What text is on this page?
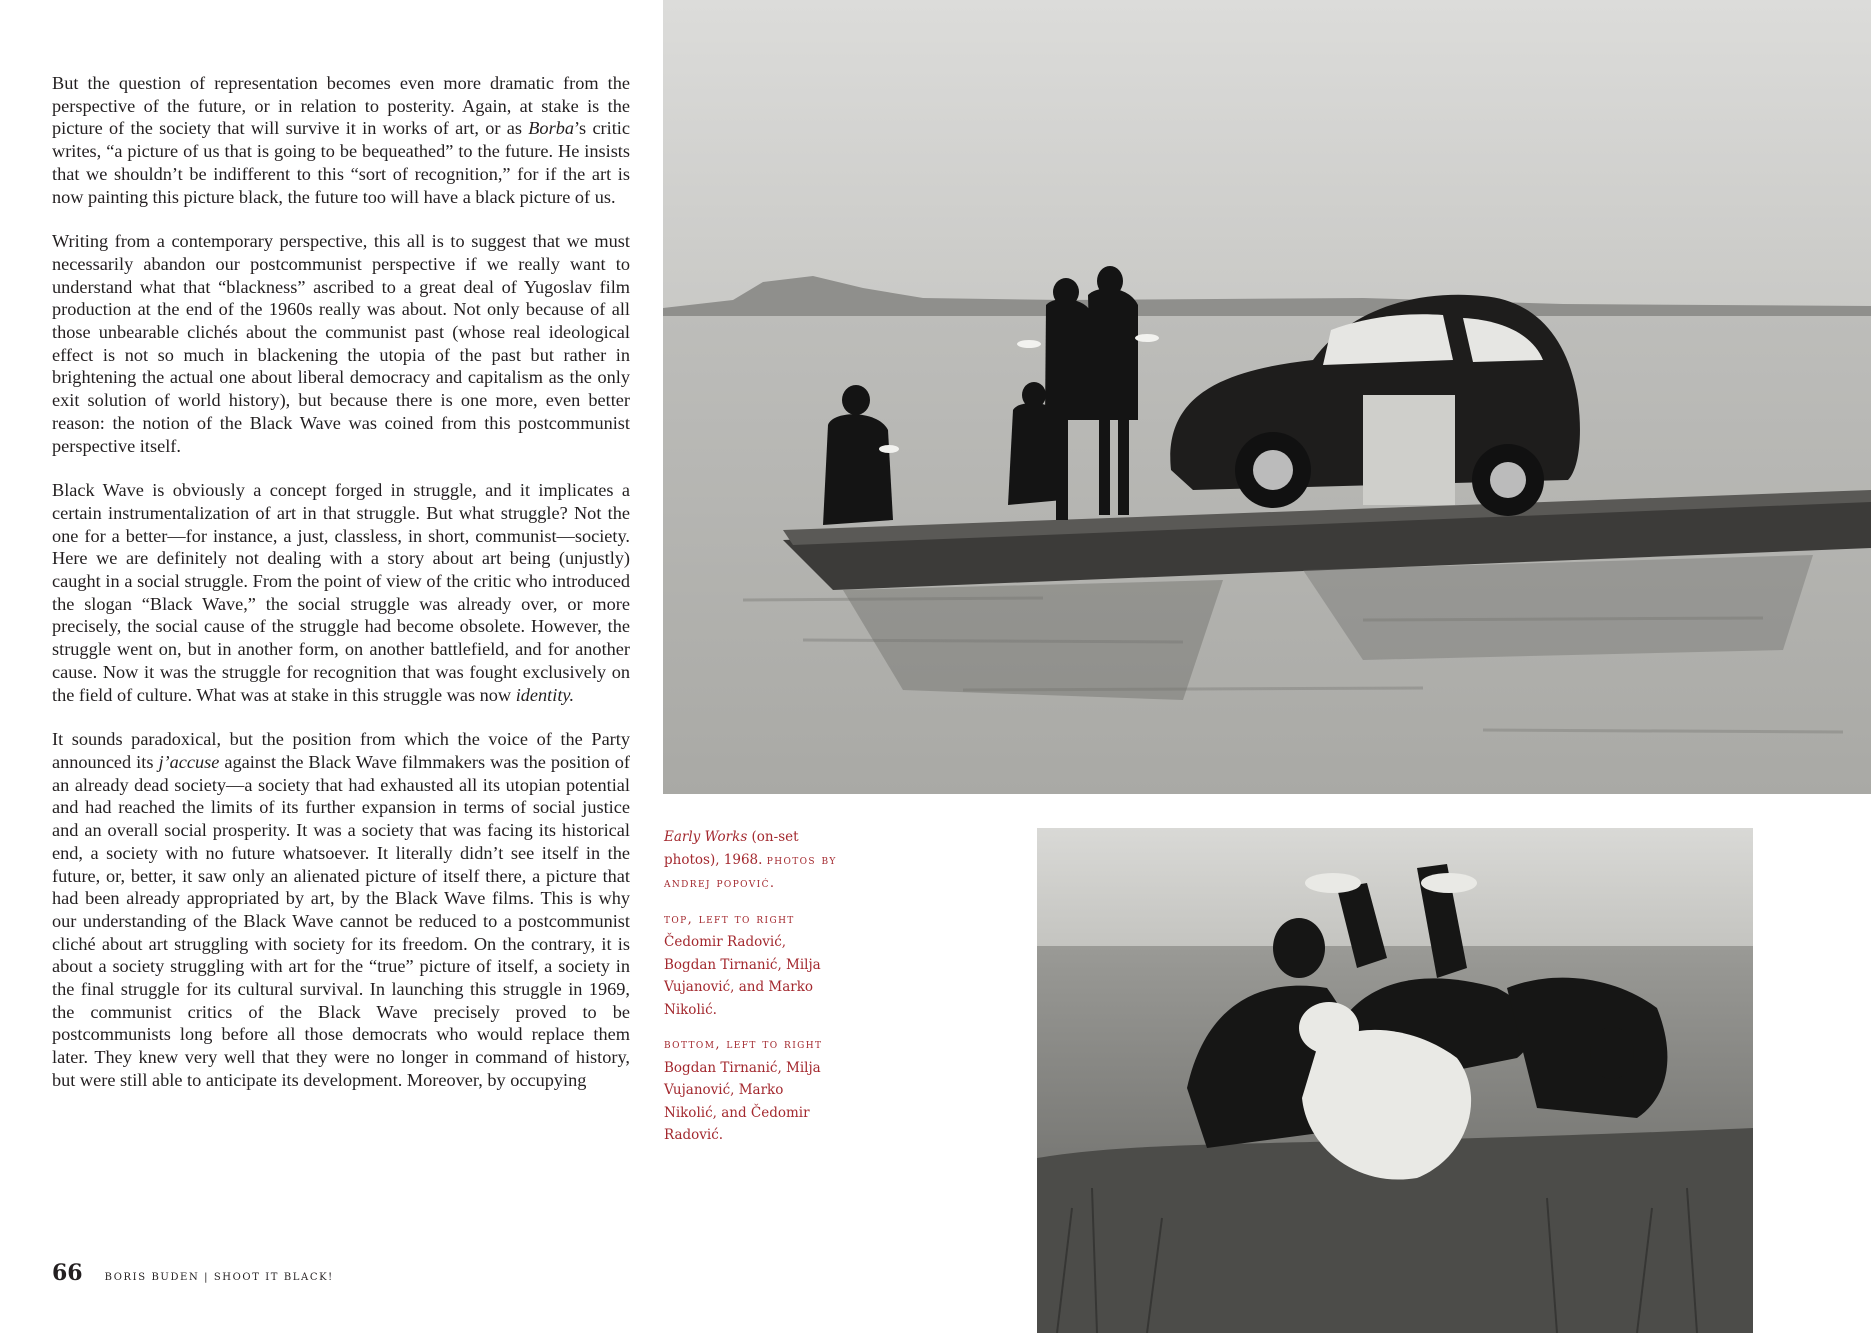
But the question of representation becomes even more dramatic from the perspective of the future, or in relation to posterity. Again, at stake is the picture of the society that will survive it in works of art, or as Borba’s critic writes, “a picture of us that is going to be bequeathed” to the future. He insists that we shouldn’t be indifferent to this “sort of recognition,” for if the art is now painting this picture black, the future too will have a black picture of us.

Writing from a contemporary perspective, this all is to suggest that we must necessarily abandon our postcommunist perspective if we really want to understand what that “blackness” ascribed to a great deal of Yugoslav film production at the end of the 1960s really was about. Not only because of all those unbearable clichés about the communist past (whose real ideological effect is not so much in blackening the utopia of the past but rather in brightening the actual one about liberal democracy and capitalism as the only exit solution of world history), but because there is one more, even better reason: the notion of the Black Wave was coined from this postcommunist perspective itself.

Black Wave is obviously a concept forged in struggle, and it implicates a certain instrumentalization of art in that struggle. But what struggle? Not the one for a better—for instance, a just, classless, in short, communist—society. Here we are definitely not dealing with a story about art being (unjustly) caught in a social struggle. From the point of view of the critic who introduced the slogan “Black Wave,” the social struggle was already over, or more precisely, the social cause of the struggle had become obsolete. However, the struggle went on, but in another form, on another battlefield, and for another cause. Now it was the struggle for recognition that was fought exclusively on the field of culture. What was at stake in this struggle was now identity.

It sounds paradoxical, but the position from which the voice of the Party announced its j’accuse against the Black Wave filmmakers was the position of an already dead society—a society that had exhausted all its utopian potential and had reached the limits of its further expansion in terms of social justice and an overall social prosperity. It was a society that was facing its historical end, a society with no future whatsoever. It literally didn’t see itself in the future, or, better, it saw only an alienated picture of itself there, a picture that had been already appropriated by art, by the Black Wave films. This is why our understanding of the Black Wave cannot be reduced to a postcommunist cliché about art struggling with society for its freedom. On the contrary, it is about a society struggling with art for the “true” picture of itself, a society in the final struggle for its cultural survival. In launching this struggle in 1969, the communist critics of the Black Wave precisely proved to be postcommunists long before all those democrats who would replace them later. They knew very well that they were no longer in command of history, but were still able to anticipate its development. Moreover, by occupying

66 BORIS BUDEN | SHOOT IT BLACK!

Early Works (on-set photos), 1968. photos by andrej popović.

top, left to right
Čedomir Radović, Bogdan Tirnanić, Milja Vujanović, and Marko Nikolić.

bottom, left to right Bogdan Tirnanić, Milja Vujanović, Marko Nikolić, and Čedomir Radović.
